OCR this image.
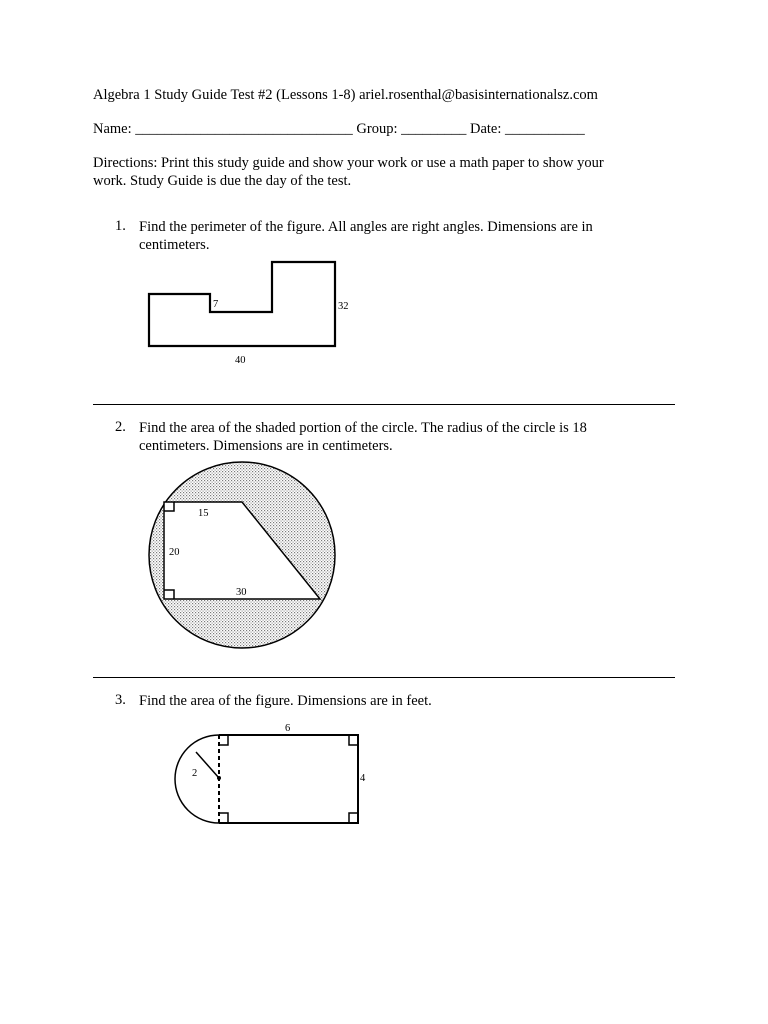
Algebra 1 Study Guide Test #2 (Lessons 1-8) ariel.rosenthal@basisinternationalsz.com
Name: ______________________________ Group: _________ Date: ___________
Directions: Print this study guide and show your work or use a math paper to show your
work. Study Guide is due the day of the test.
1. Find the perimeter of the figure. All angles are right angles. Dimensions are in centimeters.
7	32
40
15
20
30
2
6
4
2. Find the area of the shaded portion of the circle. The radius of the circle is 18 centimeters. Dimensions are in centimeters.
3. Find the area of the figure. Dimensions are in feet.
